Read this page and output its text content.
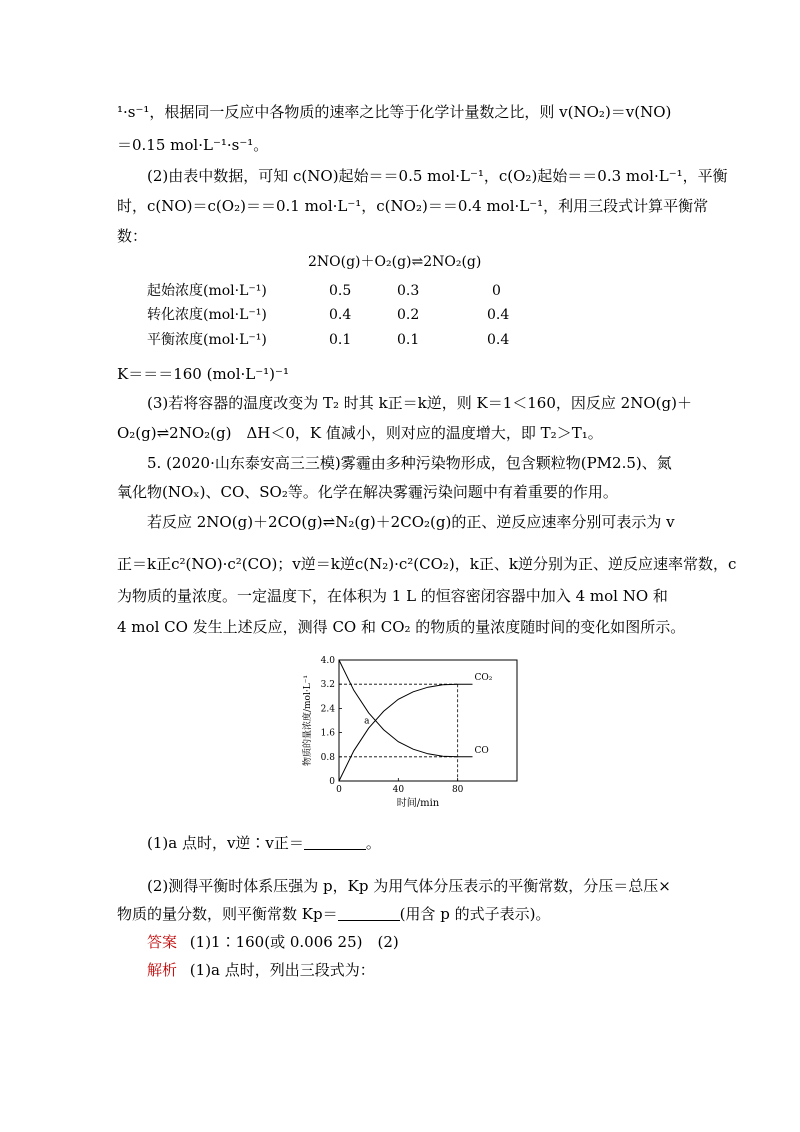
¹·s⁻¹，根据同一反应中各物质的速率之比等于化学计量数之比，则 v(NO₂)＝v(NO)
＝0.15 mol·L⁻¹·s⁻¹。
(2)由表中数据，可知 c(NO)起始＝＝0.5 mol·L⁻¹，c(O₂)起始＝＝0.3 mol·L⁻¹，平衡
时，c(NO)＝c(O₂)＝＝0.1 mol·L⁻¹，c(NO₂)＝＝0.4 mol·L⁻¹，利用三段式计算平衡常
数：
2NO(g)＋O₂(g)⇌2NO₂(g)
起始浓度(mol·L⁻¹)	0.5	0.3	0
转化浓度(mol·L⁻¹)	0.4	0.2	0.4
平衡浓度(mol·L⁻¹)	0.1	0.1	0.4
K＝＝＝160 (mol·L⁻¹)⁻¹
(3)若将容器的温度改变为 T₂ 时其 k正＝k逆，则 K＝1＜160，因反应 2NO(g)＋
O₂(g)⇌2NO₂(g)　ΔH＜0，K 值减小，则对应的温度增大，即 T₂＞T₁。
5. (2020·山东泰安高三三模)雾霾由多种污染物形成，包含颗粒物(PM2.5)、氮
氧化物(NOₓ)、CO、SO₂等。化学在解决雾霾污染问题中有着重要的作用。
若反应 2NO(g)＋2CO(g)⇌N₂(g)＋2CO₂(g)的正、逆反应速率分别可表示为 v
正＝k正c²(NO)·c²(CO)；v逆＝k逆c(N₂)·c²(CO₂)，k正、k逆分别为正、逆反应速率常数，c
为物质的量浓度。一定温度下，在体积为 1 L 的恒容密闭容器中加入 4 mol NO 和
4 mol CO 发生上述反应，测得 CO 和 CO₂ 的物质的量浓度随时间的变化如图所示。
0
0.8
1.6
2.4
3.2
4.0
0	40	80
CO₂
CO
a
时间/min
物质的量浓度/mol·L⁻¹
(1)a 点时，v逆∶v正＝	。
(2)测得平衡时体系压强为 p，Kp 为用气体分压表示的平衡常数，分压＝总压×
物质的量分数，则平衡常数 Kp＝	(用含 p 的式子表示)。
答案 (1)1∶160(或 0.006 25)　(2)
解析 (1)a 点时，列出三段式为：
